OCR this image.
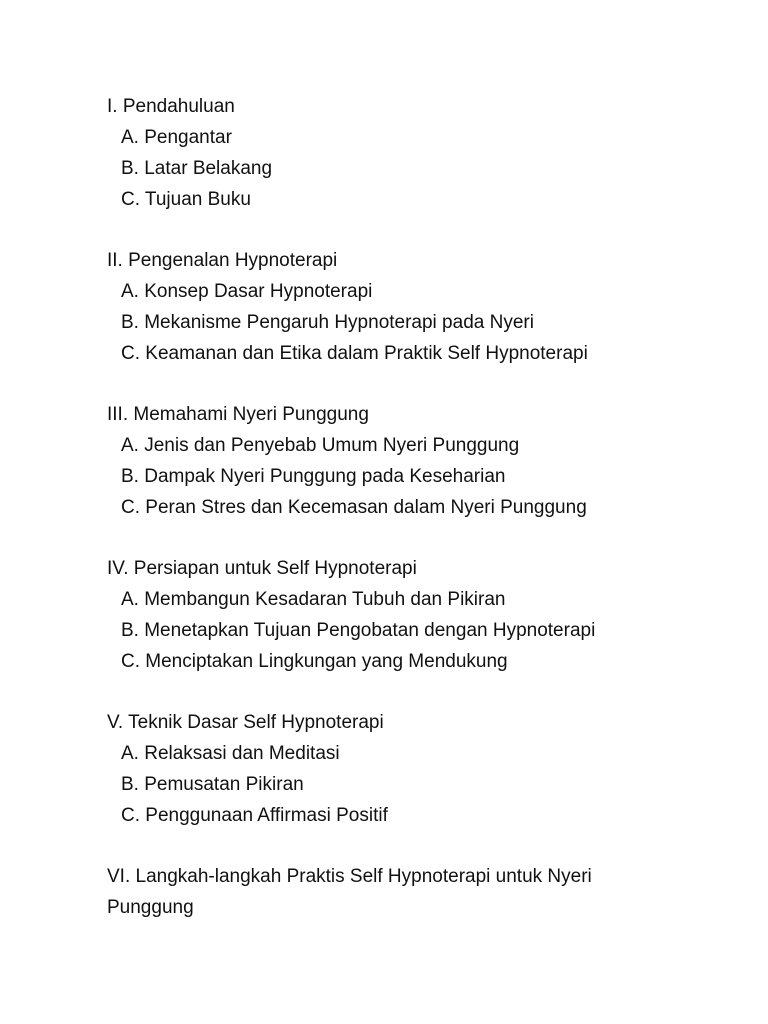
I. Pendahuluan
A. Pengantar
B. Latar Belakang
C. Tujuan Buku
II. Pengenalan Hypnoterapi
A. Konsep Dasar Hypnoterapi
B. Mekanisme Pengaruh Hypnoterapi pada Nyeri
C. Keamanan dan Etika dalam Praktik Self Hypnoterapi
III. Memahami Nyeri Punggung
A. Jenis dan Penyebab Umum Nyeri Punggung
B. Dampak Nyeri Punggung pada Keseharian
C. Peran Stres dan Kecemasan dalam Nyeri Punggung
IV. Persiapan untuk Self Hypnoterapi
A. Membangun Kesadaran Tubuh dan Pikiran
B. Menetapkan Tujuan Pengobatan dengan Hypnoterapi
C. Menciptakan Lingkungan yang Mendukung
V. Teknik Dasar Self Hypnoterapi
A. Relaksasi dan Meditasi
B. Pemusatan Pikiran
C. Penggunaan Affirmasi Positif
VI. Langkah-langkah Praktis Self Hypnoterapi untuk Nyeri Punggung
